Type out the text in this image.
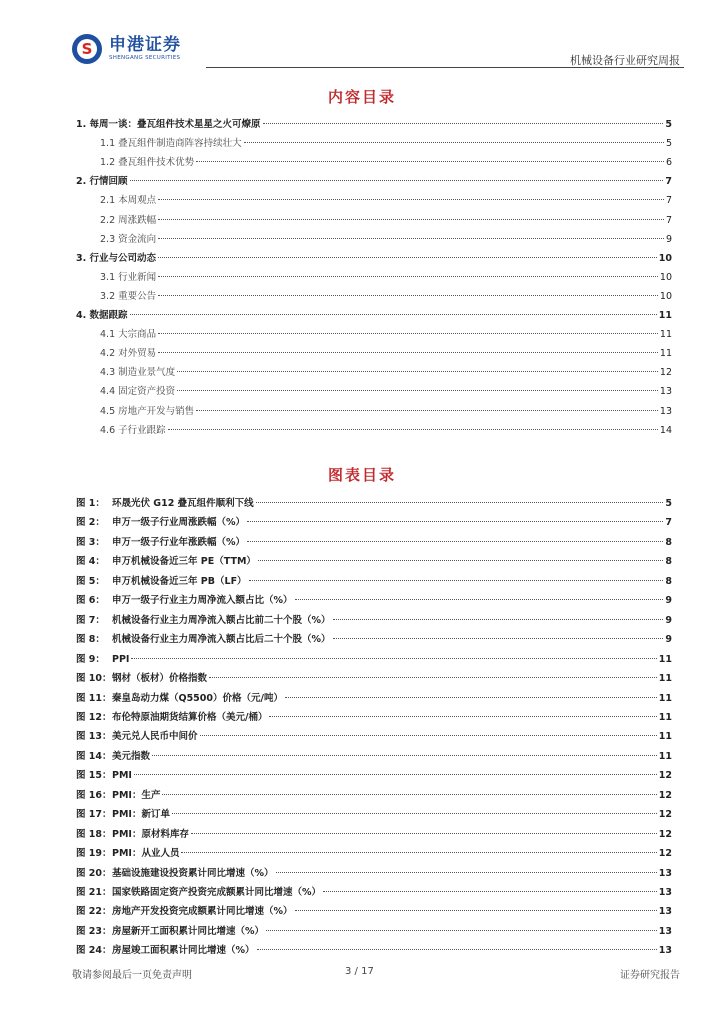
S 申港证券
SHENGANG SECURITIES	机械设备行业研究周报
内容目录
1. 每周一谈：叠瓦组件技术星星之火可燎原	5
1.1 叠瓦组件制造商阵容持续壮大	5
1.2 叠瓦组件技术优势	6
2. 行情回顾	7
2.1 本周观点	7
2.2 周涨跌幅	7
2.3 资金流向	9
3. 行业与公司动态	10
3.1 行业新闻	10
3.2 重要公告	10
4. 数据跟踪	11
4.1 大宗商品	11
4.2 对外贸易	11
4.3 制造业景气度	12
4.4 固定资产投资	13
4.5 房地产开发与销售	13
4.6 子行业跟踪	14
图表目录
图 1： 环晟光伏 G12 叠瓦组件顺利下线	5
图 2： 申万一级子行业周涨跌幅（%）	7
图 3： 申万一级子行业年涨跌幅（%）	8
图 4： 申万机械设备近三年 PE（TTM）	8
图 5： 申万机械设备近三年 PB（LF）	8
图 6： 申万一级子行业主力周净流入额占比（%）	9
图 7： 机械设备行业主力周净流入额占比前二十个股（%）	9
图 8： 机械设备行业主力周净流入额占比后二十个股（%）	9
图 9： PPI	11
图 10： 钢材（板材）价格指数	11
图 11： 秦皇岛动力煤（Q5500）价格（元/吨）	11
图 12： 布伦特原油期货结算价格（美元/桶）	11
图 13： 美元兑人民币中间价	11
图 14： 美元指数	11
图 15： PMI	12
图 16： PMI：生产	12
图 17： PMI：新订单	12
图 18： PMI：原材料库存	12
图 19： PMI：从业人员	12
图 20： 基础设施建设投资累计同比增速（%）	13
图 21： 国家铁路固定资产投资完成额累计同比增速（%）	13
图 22： 房地产开发投资完成额累计同比增速（%）	13
图 23： 房屋新开工面积累计同比增速（%）	13
图 24： 房屋竣工面积累计同比增速（%）	13
敬请参阅最后一页免责声明	3 / 17	证券研究报告
